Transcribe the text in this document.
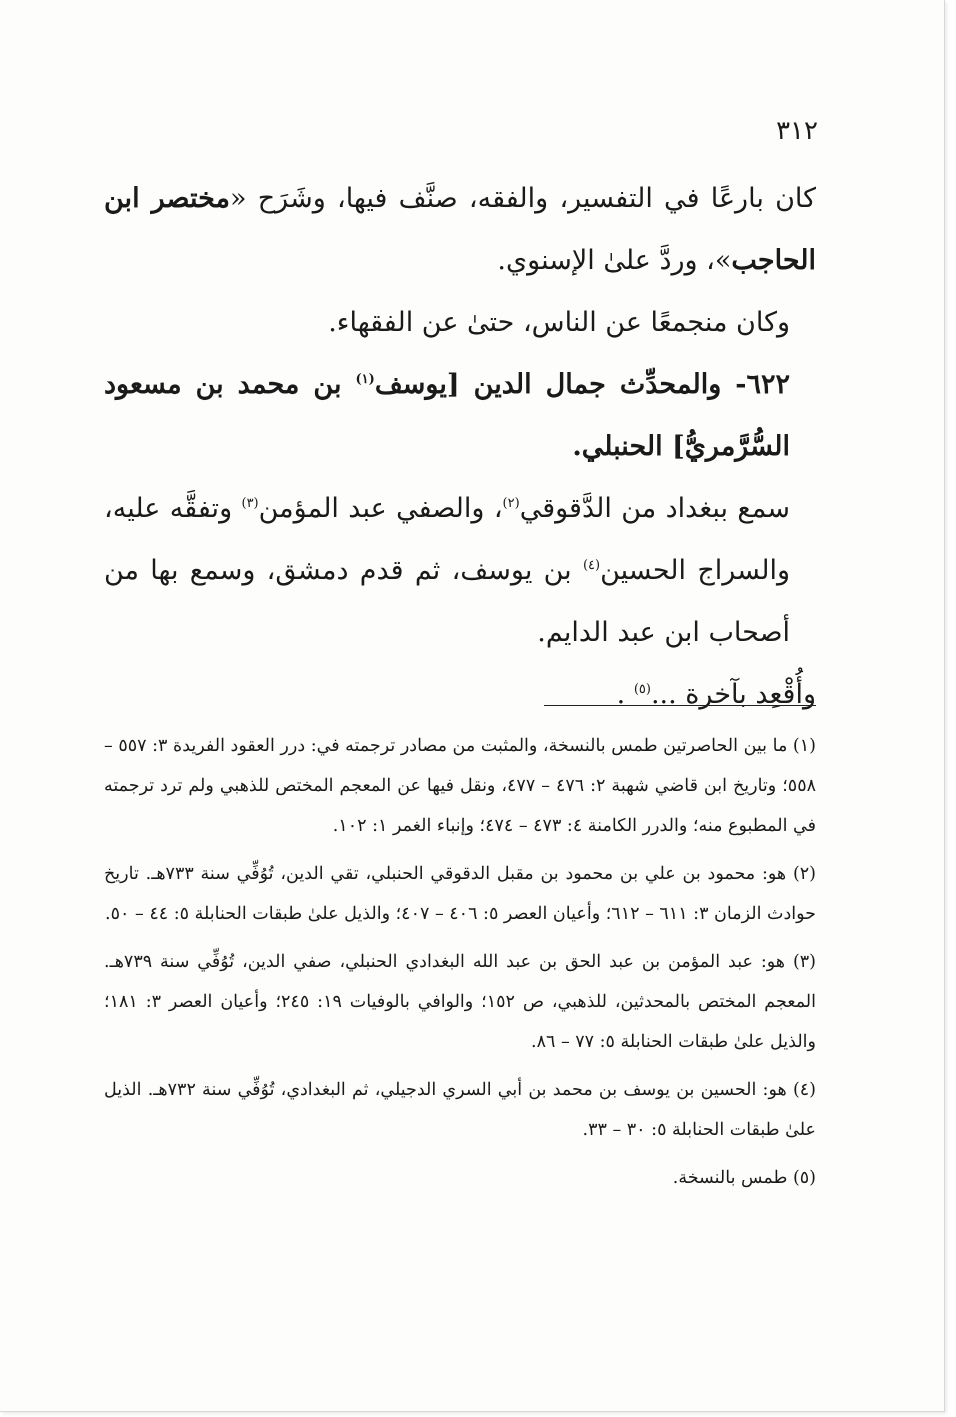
٣١٢

كان بارعًا في التفسير، والفقه، صنَّف فيها، وشَرَح «مختصر ابن الحاجب»، وردَّ علىٰ الإسنوي.

وكان منجمعًا عن الناس، حتىٰ عن الفقهاء.

٦٢٢- والمحدِّث جمال الدين [يوسف$^{(١)}$ بن محمد بن مسعود السُّرَّمريُّ] الحنبلي.

سمع ببغداد من الدَّقوقي$^{(٢)}$، والصفي عبد المؤمن$^{(٣)}$ وتفقَّه عليه، والسراج الحسين$^{(٤)}$ بن يوسف، ثم قدم دمشق، وسمع بها من أصحاب ابن عبد الدايم.

وأُقْعِد بآخرة ...$^{(٥)}$ .

(١) ما بين الحاصرتين طمس بالنسخة، والمثبت من مصادر ترجمته في: درر العقود الفريدة ٣: ٥٥٧ – ٥٥٨؛ وتاريخ ابن قاضي شهبة ٢: ٤٧٦ – ٤٧٧، ونقل فيها عن المعجم المختص للذهبي ولم ترد ترجمته في المطبوع منه؛ والدرر الكامنة ٤: ٤٧٣ – ٤٧٤؛ وإنباء الغمر ١: ١٠٢.

(٢) هو: محمود بن علي بن محمود بن مقبل الدقوقي الحنبلي، تقي الدين، تُوُفِّي سنة ٧٣٣هـ. تاريخ حوادث الزمان ٣: ٦١١ – ٦١٢؛ وأعيان العصر ٥: ٤٠٦ – ٤٠٧؛ والذيل علىٰ طبقات الحنابلة ٥: ٤٤ – ٥٠.

(٣) هو: عبد المؤمن بن عبد الحق بن عبد الله البغدادي الحنبلي، صفي الدين، تُوُفِّي سنة ٧٣٩هـ. المعجم المختص بالمحدثين، للذهبي، ص ١٥٢؛ والوافي بالوفيات ١٩: ٢٤٥؛ وأعيان العصر ٣: ١٨١؛ والذيل علىٰ طبقات الحنابلة ٥: ٧٧ – ٨٦.

(٤) هو: الحسين بن يوسف بن محمد بن أبي السري الدجيلي، ثم البغدادي، تُوُفِّي سنة ٧٣٢هـ. الذيل علىٰ طبقات الحنابلة ٥: ٣٠ – ٣٣.

(٥) طمس بالنسخة.
